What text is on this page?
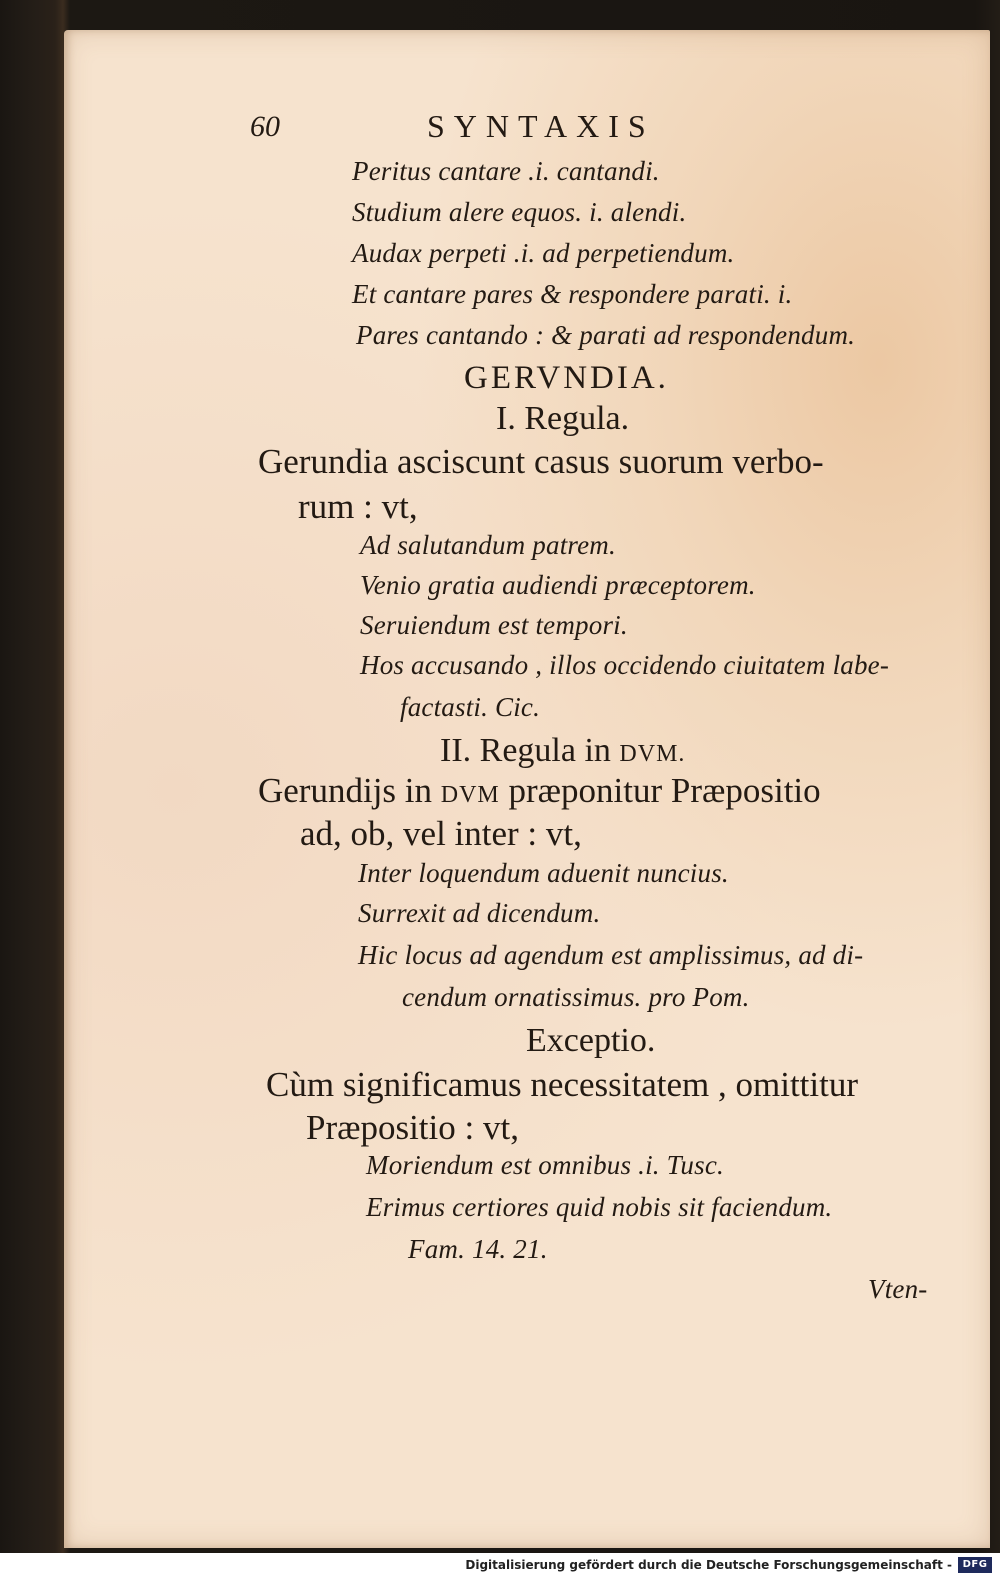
60	SYNTAXIS
Peritus cantare .i. cantandi.
Studium alere equos. i. alendi.
Audax perpeti .i. ad perpetiendum.
Et cantare pares & respondere parati. i.
Pares cantando : & parati ad respondendum.
GERVNDIA.
I. Regula.
Gerundia asciscunt casus suorum verbo-
rum : vt,
Ad salutandum patrem.
Venio gratia audiendi præceptorem.
Seruiendum est tempori.
Hos accusando , illos occidendo ciuitatem labe-
factasti. Cic.
II. Regula in DVM.
Gerundijs in DVM præponitur Præpositio
ad, ob, vel inter : vt,
Inter loquendum aduenit nuncius.
Surrexit ad dicendum.
Hic locus ad agendum est amplissimus, ad di-
cendum ornatissimus. pro Pom.
Exceptio.
Cùm significamus necessitatem , omittitur
Præpositio : vt,
Moriendum est omnibus .i. Tusc.
Erimus certiores quid nobis sit faciendum.
Fam. 14. 21.
Vten-
Digitalisierung gefördert durch die Deutsche Forschungsgemeinschaft -	DFG
